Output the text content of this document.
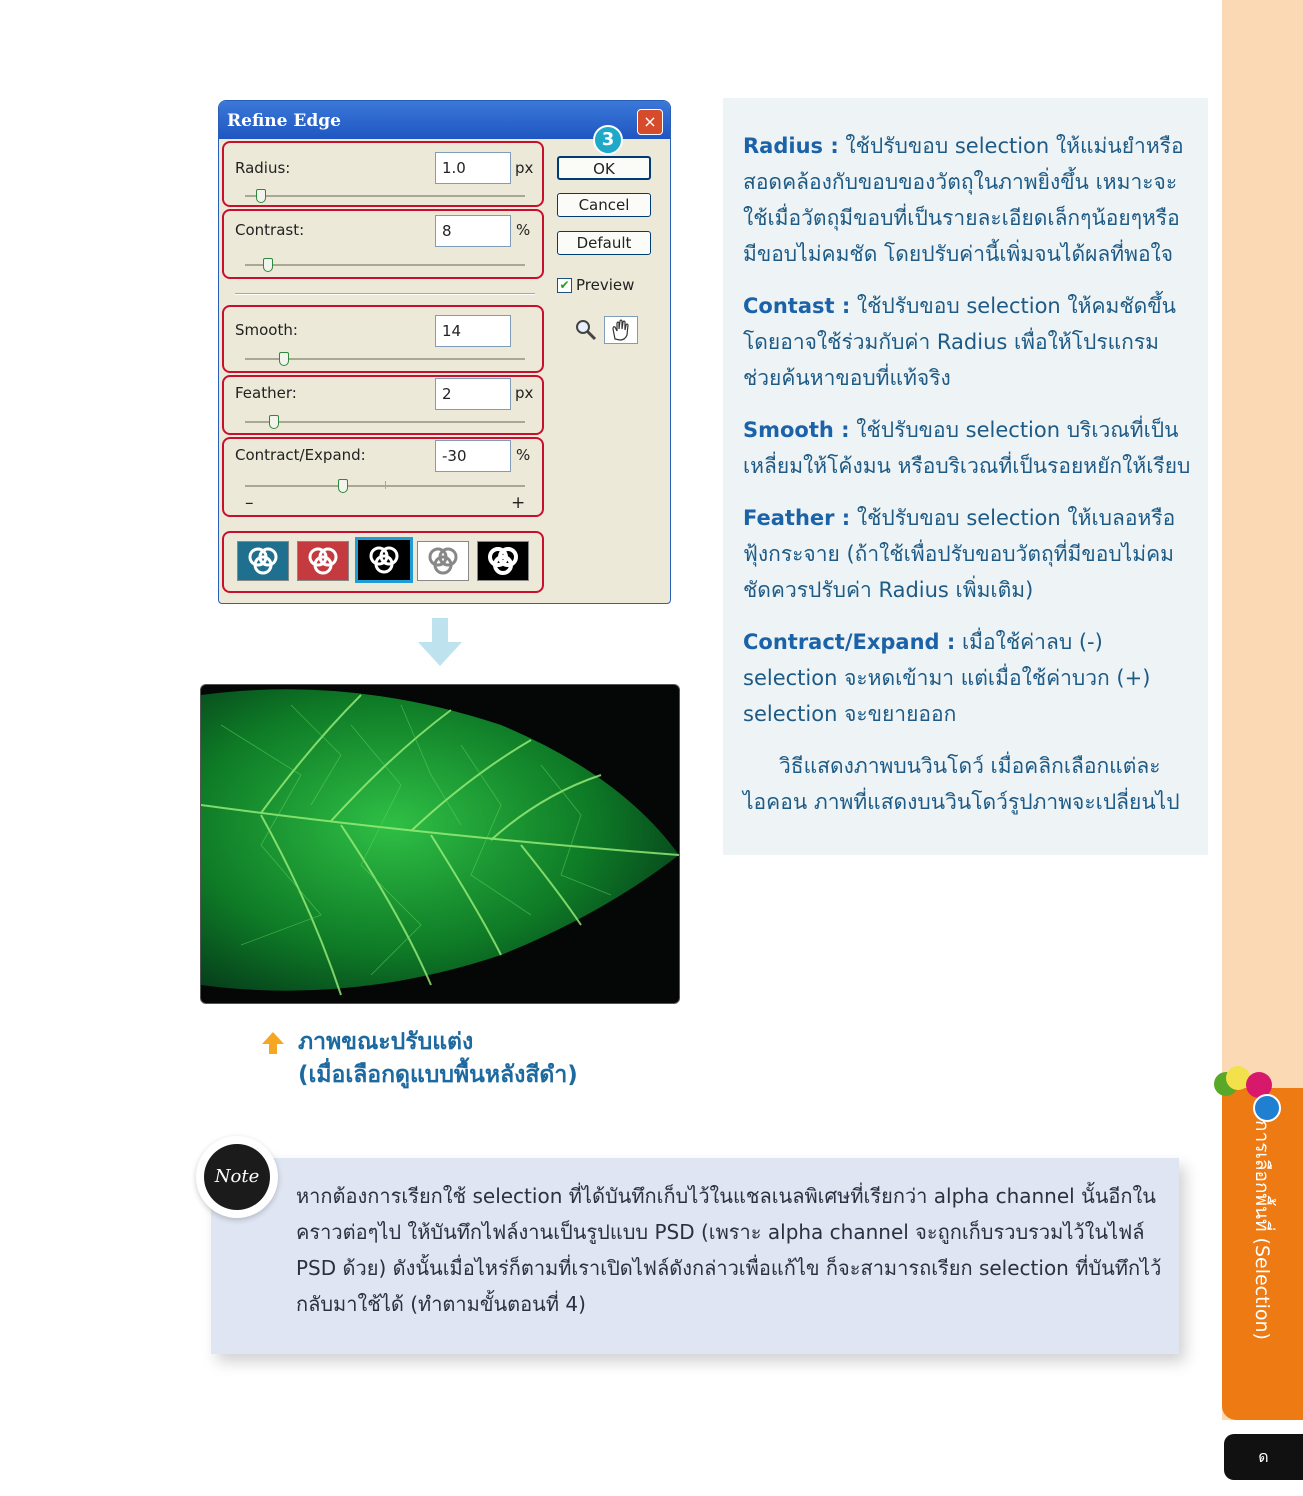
การเลือกพื้นที่ (Selection)
ด
Refine Edge	×
3
Radius:	1.0	px
Contrast:	8	%
Smooth:	14
Feather:	2	px
Contract/Expand:	-30	%
–	+
OK
Cancel
Default
✔ Preview
ภาพขณะปรับแต่ง
(เมื่อเลือกดูแบบพื้นหลังสีดำ)

Radius : ใช้ปรับขอบ selection ให้แม่นยำหรือสอดคล้องกับขอบของวัตถุในภาพยิ่งขึ้น เหมาะจะใช้เมื่อวัตถุมีขอบที่เป็นรายละเอียดเล็กๆน้อยๆหรือมีขอบไม่คมชัด โดยปรับค่านี้เพิ่มจนได้ผลที่พอใจ

Contast : ใช้ปรับขอบ selection ให้คมชัดขึ้น โดยอาจใช้ร่วมกับค่า Radius เพื่อให้โปรแกรมช่วยค้นหาขอบที่แท้จริง

Smooth : ใช้ปรับขอบ selection บริเวณที่เป็นเหลี่ยมให้โค้งมน หรือบริเวณที่เป็นรอยหยักให้เรียบ

Feather : ใช้ปรับขอบ selection ให้เบลอหรือฟุ้งกระจาย (ถ้าใช้เพื่อปรับขอบวัตถุที่มีขอบไม่คมชัดควรปรับค่า Radius เพิ่มเติม)

Contract/Expand : เมื่อใช้ค่าลบ (-) selection จะหดเข้ามา แต่เมื่อใช้ค่าบวก (+) selection จะขยายออก

วิธีแสดงภาพบนวินโดว์ เมื่อคลิกเลือกแต่ละไอคอน ภาพที่แสดงบนวินโดว์รูปภาพจะเปลี่ยนไป

Note
หากต้องการเรียกใช้ selection ที่ได้บันทึกเก็บไว้ในแชลเนลพิเศษที่เรียกว่า alpha channel นั้นอีกในคราวต่อๆไป ให้บันทึกไฟล์งานเป็นรูปแบบ PSD (เพราะ alpha channel จะถูกเก็บรวบรวมไว้ในไฟล์ PSD ด้วย) ดังนั้นเมื่อไหร่ก็ตามที่เราเปิดไฟล์ดังกล่าวเพื่อแก้ไข ก็จะสามารถเรียก selection ที่บันทึกไว้กลับมาใช้ได้ (ทำตามขั้นตอนที่ 4)
